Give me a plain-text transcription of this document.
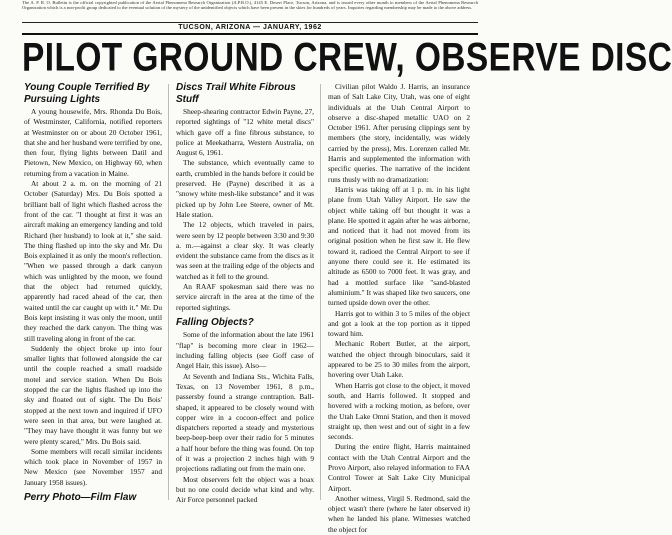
The A. P. R. O. Bulletin is the official copyrighted publication of the Aerial Phenomena Research Organization (A.P.R.O.), 4145 E. Desert Place, Tucson, Arizona, and is issued every other month to members of the Aerial Phenomena Research Organization which is a non-profit group dedicated to the eventual solution of the mystery of the unidentified objects which have been present in the skies for hundreds of years. Inquiries regarding membership may be made to the above address.
TUCSON, ARIZONA — JANUARY, 1962
PILOT GROUND CREW, OBSERVE DISC
Young Couple Terrified By Pursuing Lights

A young housewife, Mrs. Rhonda Du Bois, of Westminster, California, notified reporters at Westminster on or about 20 October 1961, that she and her husband were terrified by one, then four, flying lights between Datil and Pietown, New Mexico, on Highway 60, when returning from a vacation in Maine.

At about 2 a. m. on the morning of 21 October (Saturday) Mrs. Du Bois spotted a brilliant ball of light which flashed across the front of the car. "I thought at first it was an aircraft making an emergency landing and told Richard (her husband) to look at it," she said. The thing flashed up into the sky and Mr. Du Bois explained it as only the moon's reflection. "When we passed through a dark canyon which was unlighted by the moon, we found that the object had returned quickly, apparently had raced ahead of the car, then waited until the car caught up with it." Mr. Du Bois kept insisting it was only the moon, until they reached the dark canyon. The thing was still traveling along in front of the car.

Suddenly the object broke up into four smaller lights that followed alongside the car until the couple reached a small roadside motel and service station. When Du Bois stopped the car the lights flashed up into the sky and floated out of sight. The Du Bois' stopped at the next town and inquired if UFO were seen in that area, but were laughed at. "They may have thought it was funny but we were plenty scared," Mrs. Du Bois said.

Some members will recall similar incidents which took place in November of 1957 in New Mexico (see November 1957 and January 1958 issues).

Perry Photo—Film Flaw
Discs Trail White Fibrous Stuff

Sheep-shearing contractor Edwin Payne, 27, reported sightings of "12 white metal discs" which gave off a fine fibrous substance, to police at Meekatharra, Western Australia, on August 6, 1961.

The substance, which eventually came to earth, crumbled in the hands before it could be preserved. He (Payne) described it as a "snowy white mesh-like substance" and it was picked up by John Lee Steere, owner of Mt. Hale station.

The 12 objects, which traveled in pairs, were seen by 12 people between 3:30 and 9:30 a. m.—against a clear sky. It was clearly evident the substance came from the discs as it was seen at the trailing edge of the objects and watched as it fell to the ground.

An RAAF spokesman said there was no service aircraft in the area at the time of the reported sightings.

Falling Objects?

Some of the information about the late 1961 "flap" is becoming more clear in 1962—including falling objects (see Goff case of Angel Hair, this issue). Also—

At Seventh and Indiana Sts., Wichita Falls, Texas, on 13 November 1961, 8 p.m., passersby found a strange contraption. Ball-shaped, it appeared to be closely wound with copper wire in a cocoon-effect and police dispatchers reported a steady and mysterious beep-beep-beep over their radio for 5 minutes a half hour before the thing was found. On top of it was a projection 2 inches high with 9 projections radiating out from the main one.

Most observers felt the object was a hoax but no one could decide what kind and why. Air Force personnel packed

Civilian pilot Waldo J. Harris, an insurance man of Salt Lake City, Utah, was one of eight individuals at the Utah Central Airport to observe a disc-shaped metallic UAO on 2 October 1961. After perusing clippings sent by members (the story, incidentally, was widely carried by the press), Mrs. Lorenzen called Mr. Harris and supplemented the information with specific queries. The narrative of the incident runs thusly with no dramatization:

Harris was taking off at 1 p. m. in his light plane from Utah Valley Airport. He saw the object while taking off but thought it was a plane. He spotted it again after he was airborne, and noticed that it had not moved from its original position when he first saw it. He flew toward it, radioed the Central Airport to see if anyone there could see it. He estimated its altitude as 6500 to 7000 feet. It was gray, and had a mottled surface like "sand-blasted aluminium." It was shaped like two saucers, one turned upside down over the other.

Harris got to within 3 to 5 miles of the object and got a look at the top portion as it tipped toward him.

Mechanic Robert Butler, at the airport, watched the object through binoculars, said it appeared to be 25 to 30 miles from the airport, hovering over Utah Lake.

When Harris got close to the object, it moved south, and Harris followed. It stopped and hovered with a rocking motion, as before, over the Utah Lake Omni Station, and then it moved straight up, then west and out of sight in a few seconds.

During the entire flight, Harris maintained contact with the Utah Central Airport and the Provo Airport, also relayed information to FAA Control Tower at Salt Lake City Municipal Airport.

Another witness, Virgil S. Redmond, said the object wasn't there (where he later observed it) when he landed his plane. Witnesses watched the object for
